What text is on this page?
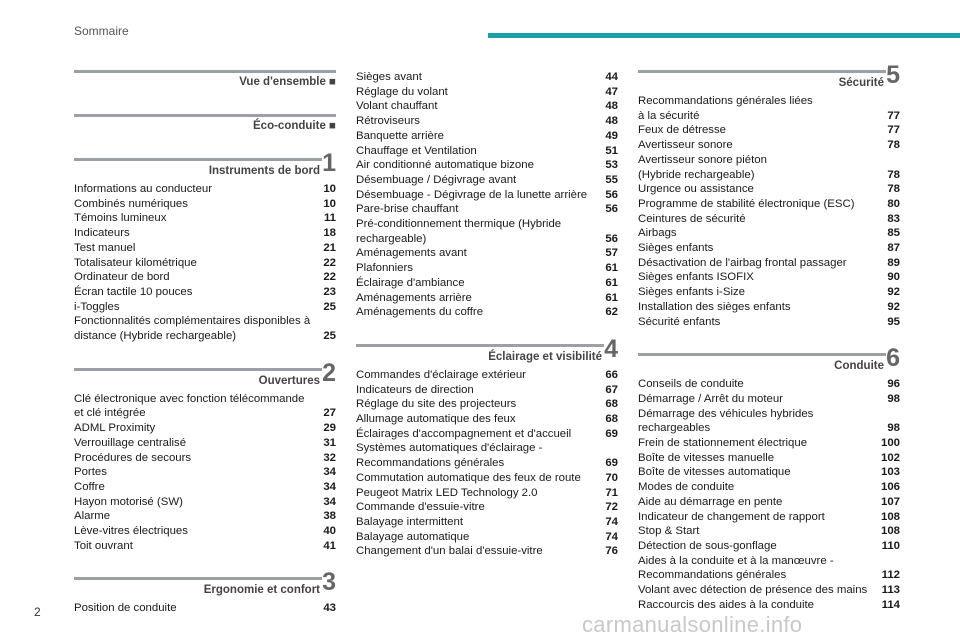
Sommaire
Vue d'ensemble ■
Éco-conduite ■
Instruments de bord 1
Informations au conducteur	10
Combinés numériques	10
Témoins lumineux	11
Indicateurs	18
Test manuel	21
Totalisateur kilométrique	22
Ordinateur de bord	22
Écran tactile 10 pouces	23
i-Toggles	25
Fonctionnalités complémentaires disponibles à
distance (Hybride rechargeable)	25
Ouvertures 2
Clé électronique avec fonction télécommande
et clé intégrée	27
ADML Proximity	29
Verrouillage centralisé	31
Procédures de secours	32
Portes	34
Coffre	34
Hayon motorisé (SW)	34
Alarme	38
Lève-vitres électriques	40
Toit ouvrant	41
Ergonomie et confort 3
Position de conduite	43
Sièges avant	44
Réglage du volant	47
Volant chauffant	48
Rétroviseurs	48
Banquette arrière	49
Chauffage et Ventilation	51
Air conditionné automatique bizone	53
Désembuage / Dégivrage avant	55
Désembuage - Dégivrage de la lunette arrière	56
Pare-brise chauffant	56
Pré-conditionnement thermique (Hybride
rechargeable)	56
Aménagements avant	57
Plafonniers	61
Éclairage d'ambiance	61
Aménagements arrière	61
Aménagements du coffre	62
Éclairage et visibilité 4
Commandes d'éclairage extérieur	66
Indicateurs de direction	67
Réglage du site des projecteurs	68
Allumage automatique des feux	68
Éclairages d'accompagnement et d'accueil	69
Systèmes automatiques d'éclairage -
Recommandations générales	69
Commutation automatique des feux de route	70
Peugeot Matrix LED Technology 2.0	71
Commande d'essuie-vitre	72
Balayage intermittent	74
Balayage automatique	74
Changement d'un balai d'essuie-vitre	76
Sécurité 5
Recommandations générales liées
à la sécurité	77
Feux de détresse	77
Avertisseur sonore	78
Avertisseur sonore piéton
(Hybride rechargeable)	78
Urgence ou assistance	78
Programme de stabilité électronique (ESC)	80
Ceintures de sécurité	83
Airbags	85
Sièges enfants	87
Désactivation de l'airbag frontal passager	89
Sièges enfants ISOFIX	90
Sièges enfants i-Size	92
Installation des sièges enfants	92
Sécurité enfants	95
Conduite 6
Conseils de conduite	96
Démarrage / Arrêt du moteur	98
Démarrage des véhicules hybrides
rechargeables	98
Frein de stationnement électrique	100
Boîte de vitesses manuelle	102
Boîte de vitesses automatique	103
Modes de conduite	106
Aide au démarrage en pente	107
Indicateur de changement de rapport	108
Stop & Start	108
Détection de sous-gonflage	110
Aides à la conduite et à la manœuvre -
Recommandations générales	112
Volant avec détection de présence des mains	113
Raccourcis des aides à la conduite	114
2	carmanualsonline.info
